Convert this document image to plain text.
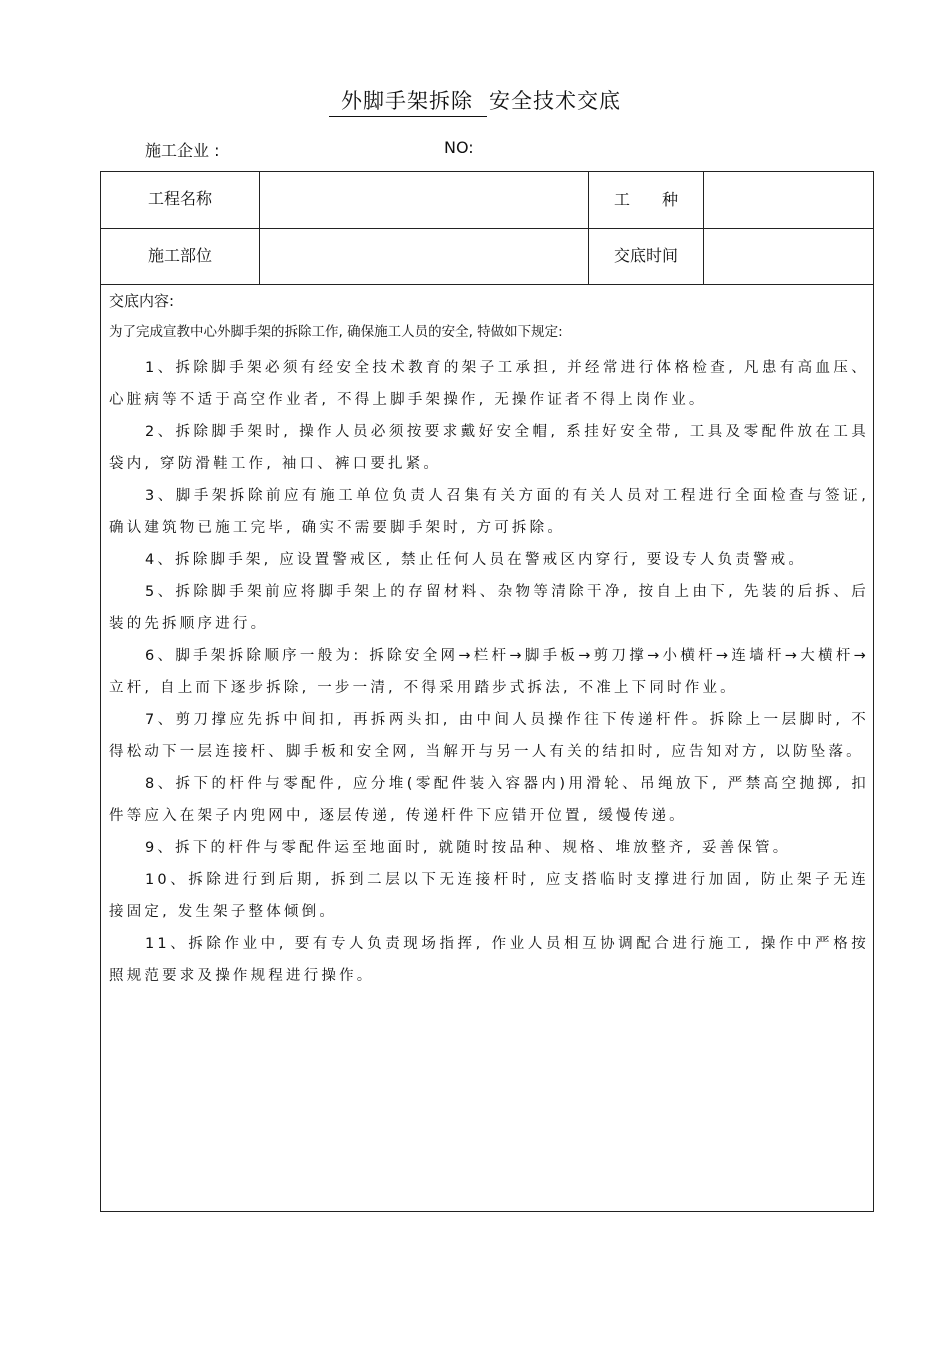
外脚手架拆除 安全技术交底
施工企业 :	NO:
工程名称	工　　种
施工部位	交底时间
交底内容:
为了完成宣教中心外脚手架的拆除工作, 确保施工人员的安全, 特做如下规定:

1、拆除脚手架必须有经安全技术教育的架子工承担, 并经常进行体格检查, 凡患有高血压、心脏病等不适于高空作业者, 不得上脚手架操作, 无操作证者不得上岗作业。

2、拆除脚手架时, 操作人员必须按要求戴好安全帽, 系挂好安全带, 工具及零配件放在工具袋内, 穿防滑鞋工作, 袖口、裤口要扎紧。

3、脚手架拆除前应有施工单位负责人召集有关方面的有关人员对工程进行全面检查与签证, 确认建筑物已施工完毕, 确实不需要脚手架时, 方可拆除。

4、拆除脚手架, 应设置警戒区, 禁止任何人员在警戒区内穿行, 要设专人负责警戒。

5、拆除脚手架前应将脚手架上的存留材料、杂物等清除干净, 按自上由下, 先装的后拆、后装的先拆顺序进行。

6、脚手架拆除顺序一般为: 拆除安全网→栏杆→脚手板→剪刀撑→小横杆→连墙杆→大横杆→立杆, 自上而下逐步拆除, 一步一清, 不得采用踏步式拆法, 不准上下同时作业。

7、剪刀撑应先拆中间扣, 再拆两头扣, 由中间人员操作往下传递杆件。拆除上一层脚时, 不得松动下一层连接杆、脚手板和安全网, 当解开与另一人有关的结扣时, 应告知对方, 以防坠落。

8、拆下的杆件与零配件, 应分堆(零配件装入容器内)用滑轮、吊绳放下, 严禁高空抛掷, 扣件等应入在架子内兜网中, 逐层传递, 传递杆件下应错开位置, 缓慢传递。

9、拆下的杆件与零配件运至地面时, 就随时按品种、规格、堆放整齐, 妥善保管。

10、拆除进行到后期, 拆到二层以下无连接杆时, 应支搭临时支撑进行加固, 防止架子无连接固定, 发生架子整体倾倒。

11、拆除作业中, 要有专人负责现场指挥, 作业人员相互协调配合进行施工, 操作中严格按照规范要求及操作规程进行操作。
